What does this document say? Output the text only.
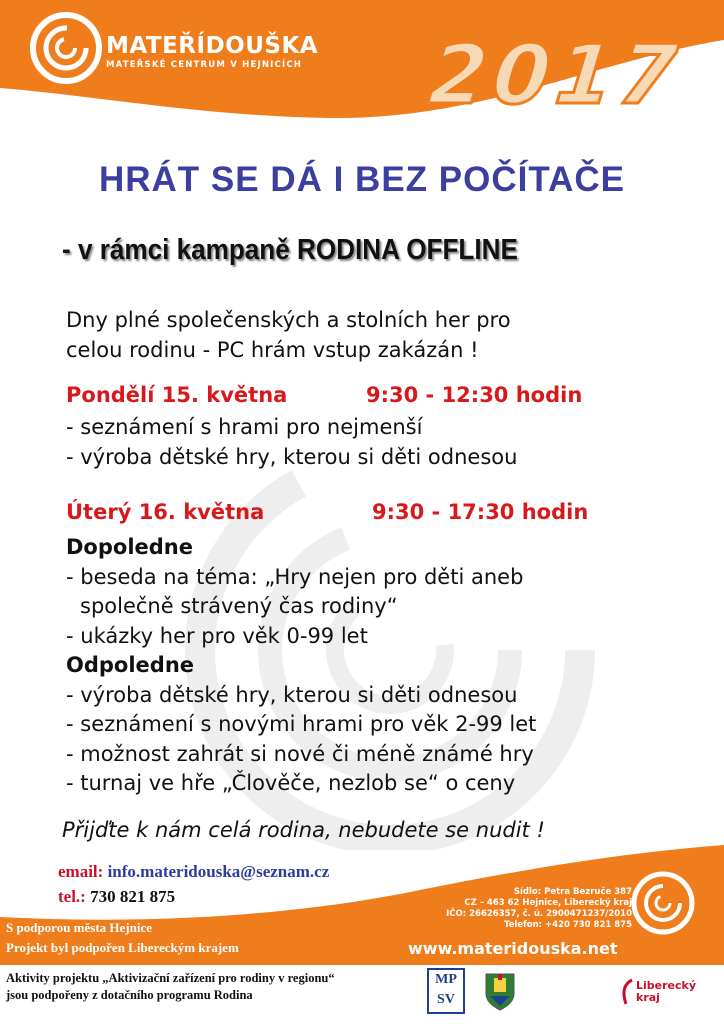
MATEŘÍDOUŠKA
MATEŘSKÉ CENTRUM V HEJNICÍCH 2017
HRÁT SE DÁ I BEZ POČÍTAČE
- v rámci kampaně RODINA OFFLINE
Dny plné společenských a stolních her pro
celou rodinu - PC hrám vstup zakázán !
Pondělí 15. května	9:30 - 12:30 hodin
- seznámení s hrami pro nejmenší
- výroba dětské hry, kterou si děti odnesou
Úterý 16. května	9:30 - 17:30 hodin
Dopoledne
- beseda na téma: „Hry nejen pro děti aneb
společně strávený čas rodiny“
- ukázky her pro věk 0-99 let
Odpoledne
- výroba dětské hry, kterou si děti odnesou
- seznámení s novými hrami pro věk 2-99 let
- možnost zahrát si nové či méně známé hry
- turnaj ve hře „Člověče, nezlob se“ o ceny
Přijďte k nám celá rodina, nebudete se nudit !
email: info.materidouska@seznam.cz
tel.: 730 821 875
S podporou města Hejnice
Projekt byl podpořen Libereckým krajem
Sídlo: Petra Bezruče 387
CZ – 463 62 Hejnice, Liberecký kraj
IČO: 26626357, č. ú. 2900471237/2010
Telefon: +420 730 821 875
www.materidouska.net
Aktivity projektu „Aktivizační zařízení pro rodiny v regionu“
jsou podpořeny z dotačního programu Rodina
MP
SV
Liberecký
kraj
